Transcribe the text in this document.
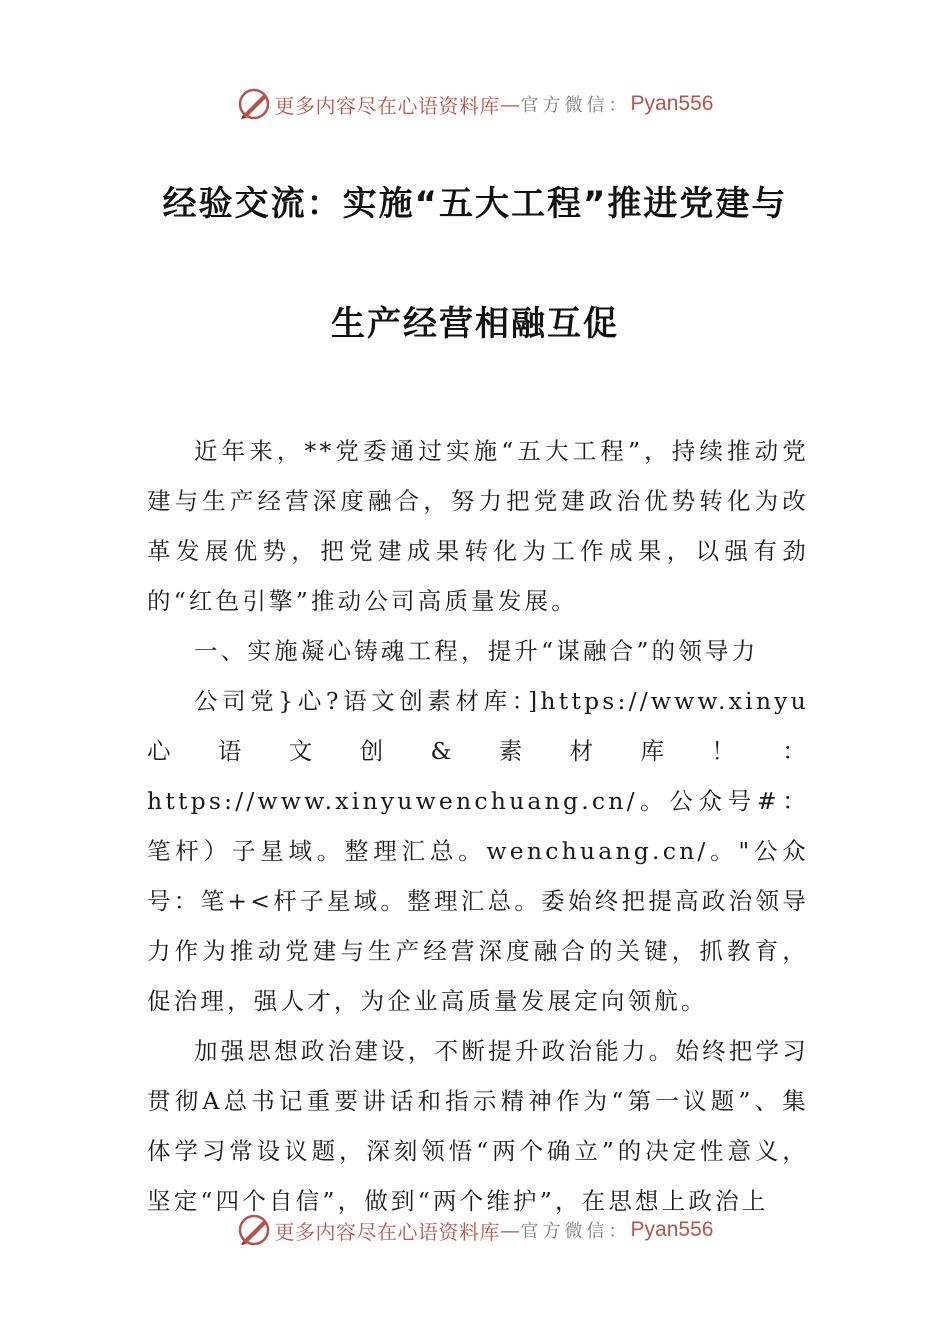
更多内容尽在心语资料库 — 官方微信： Pyan556
经验交流：实施“五大工程”推进党建与
生产经营相融互促

近年来，**党委通过实施“五大工程”，持续推动党建与生产经营深度融合，努力把党建政治优势转化为改革发展优势，把党建成果转化为工作成果，以强有劲的“红色引擎”推动公司高质量发展。

一、实施凝心铸魂工程，提升“谋融合”的领导力

公司党}心?语文创素材库：]https://www.xinyu心语文创&素材库！：https://www.xinyuwenchuang.cn/。公众号#：笔杆）子星域。整理汇总。wenchuang.cn/。"公众号：笔+<杆子星域。整理汇总。委始终把提高政治领导力作为推动党建与生产经营深度融合的关键，抓教育，促治理，强人才，为企业高质量发展定向领航。

加强思想政治建设，不断提升政治能力。始终把学习贯彻A总书记重要讲话和指示精神作为“第一议题”、集体学习常设议题，深刻领悟“两个确立”的决定性意义，坚定“四个自信”，做到“两个维护”，在思想上政治上

更多内容尽在心语资料库 — 官方微信： Pyan556
